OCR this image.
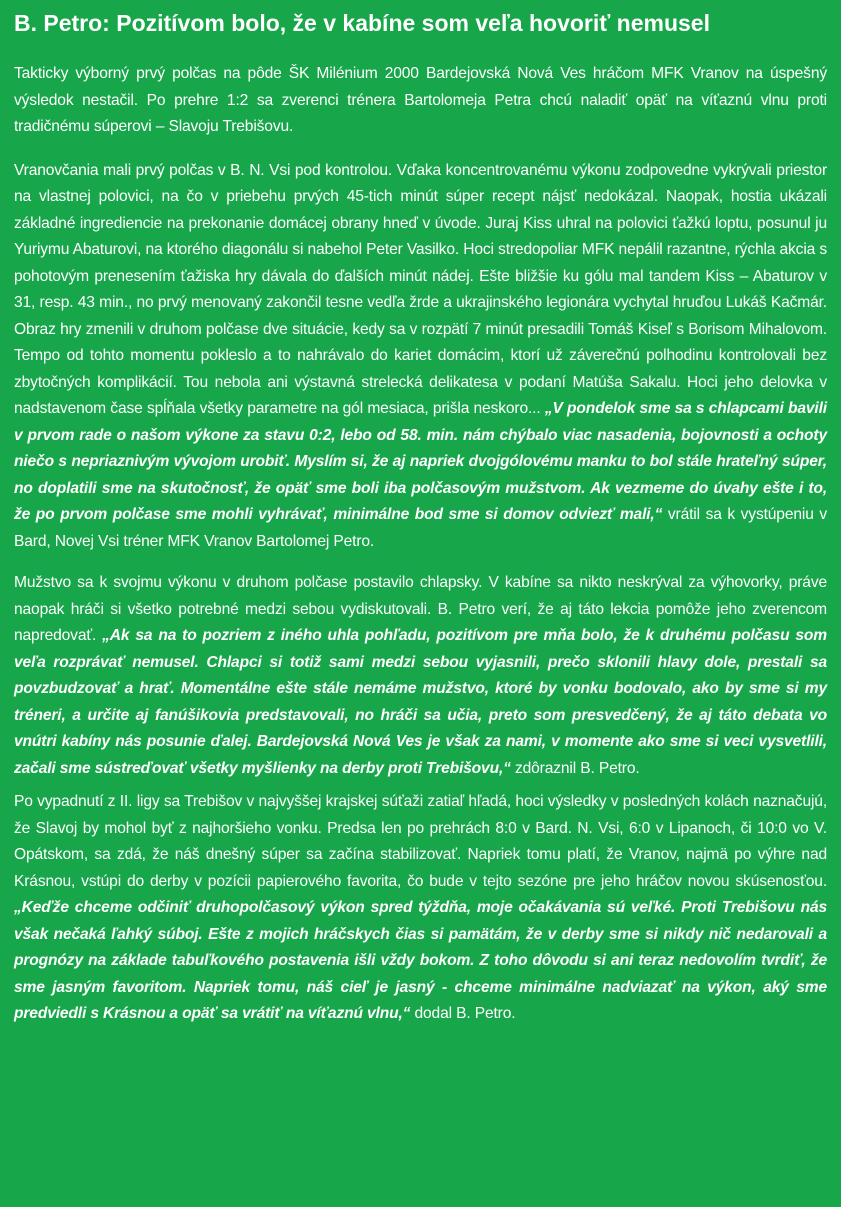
B. Petro: Pozitívom bolo, že v kabíne som veľa hovoriť nemusel

Takticky výborný prvý polčas na pôde ŠK Milénium 2000 Bardejovská Nová Ves hráčom MFK Vranov na úspešný výsledok nestačil. Po prehre 1:2 sa zverenci trénera Bartolomeja Petra chcú naladiť opäť na víťaznú vlnu proti tradičnému súperovi – Slavoju Trebišovu.

Vranovčania mali prvý polčas v B. N. Vsi pod kontrolou. Vďaka koncentrovanému výkonu zodpovedne vykrývali priestor na vlastnej polovici, na čo v priebehu prvých 45-tich minút súper recept nájsť nedokázal. Naopak, hostia ukázali základné ingrediencie na prekonanie domácej obrany hneď v úvode. Juraj Kiss uhral na polovici ťažkú loptu, posunul ju Yuriymu Abaturovi, na ktorého diagonálu si nabehol Peter Vasilko. Hoci stredopoliar MFK nepálil razantne, rýchla akcia s pohotovým prenesením ťažiska hry dávala do ďalších minút nádej. Ešte bližšie ku gólu mal tandem Kiss – Abaturov v 31, resp. 43 min., no prvý menovaný zakončil tesne vedľa žrde a ukrajinského legionára vychytal hruďou Lukáš Kačmár. Obraz hry zmenili v druhom polčase dve situácie, kedy sa v rozpätí 7 minút presadili Tomáš Kiseľ s Borisom Mihalovom. Tempo od tohto momentu pokleslo a to nahrávalo do kariet domácim, ktorí už záverečnú polhodinu kontrolovali bez zbytočných komplikácií. Tou nebola ani výstavná strelecká delikatesa v podaní Matúša Sakalu. Hoci jeho delovka v nadstavenom čase spĺňala všetky parametre na gól mesiaca, prišla neskoro... „V pondelok sme sa s chlapcami bavili v prvom rade o našom výkone za stavu 0:2, lebo od 58. min. nám chýbalo viac nasadenia, bojovnosti a ochoty niečo s nepriaznivým vývojom urobiť. Myslím si, že aj napriek dvojgólovému manku to bol stále hrateľný súper, no doplatili sme na skutočnosť, že opäť sme boli iba polčasovým mužstvom. Ak vezmeme do úvahy ešte i to, že po prvom polčase sme mohli vyhrávať, minimálne bod sme si domov odviezť mali,“ vrátil sa k vystúpeniu v Bard, Novej Vsi tréner MFK Vranov Bartolomej Petro.

Mužstvo sa k svojmu výkonu v druhom polčase postavilo chlapsky. V kabíne sa nikto neskrýval za výhovorky, práve naopak hráči si všetko potrebné medzi sebou vydiskutovali. B. Petro verí, že aj táto lekcia pomôže jeho zverencom napredovať. „Ak sa na to pozriem z iného uhla pohľadu, pozitívom pre mňa bolo, že k druhému polčasu som veľa rozprávať nemusel. Chlapci si totiž sami medzi sebou vyjasnili, prečo sklonili hlavy dole, prestali sa povzbudzovať a hrať. Momentálne ešte stále nemáme mužstvo, ktoré by vonku bodovalo, ako by sme si my tréneri, a určite aj fanúšikovia predstavovali, no hráči sa učia, preto som presvedčený, že aj táto debata vo vnútri kabíny nás posunie ďalej. Bardejovská Nová Ves je však za nami, v momente ako sme si veci vysvetlili, začali sme sústreďovať všetky myšlienky na derby proti Trebišovu,“ zdôraznil B. Petro.

Po vypadnutí z II. ligy sa Trebišov v najvyššej krajskej súťaži zatiaľ hľadá, hoci výsledky v posledných kolách naznačujú, že Slavoj by mohol byť z najhoršieho vonku. Predsa len po prehrách 8:0 v Bard. N. Vsi, 6:0 v Lipanoch, či 10:0 vo V. Opátskom, sa zdá, že náš dnešný súper sa začína stabilizovať. Napriek tomu platí, že Vranov, najmä po výhre nad Krásnou, vstúpi do derby v pozícii papierového favorita, čo bude v tejto sezóne pre jeho hráčov novou skúsenosťou. „Keďže chceme odčiniť druhopolčasový výkon spred týždňa, moje očakávania sú veľké. Proti Trebišovu nás však nečaká ľahký súboj. Ešte z mojich hráčskych čias si pamätám, že v derby sme si nikdy nič nedarovali a prognózy na základe tabuľkového postavenia išli vždy bokom. Z toho dôvodu si ani teraz nedovolím tvrdiť, že sme jasným favoritom. Napriek tomu, náš cieľ je jasný - chceme minimálne nadviazať na výkon, aký sme predviedli s Krásnou a opäť sa vrátiť na víťaznú vlnu,“ dodal B. Petro.
